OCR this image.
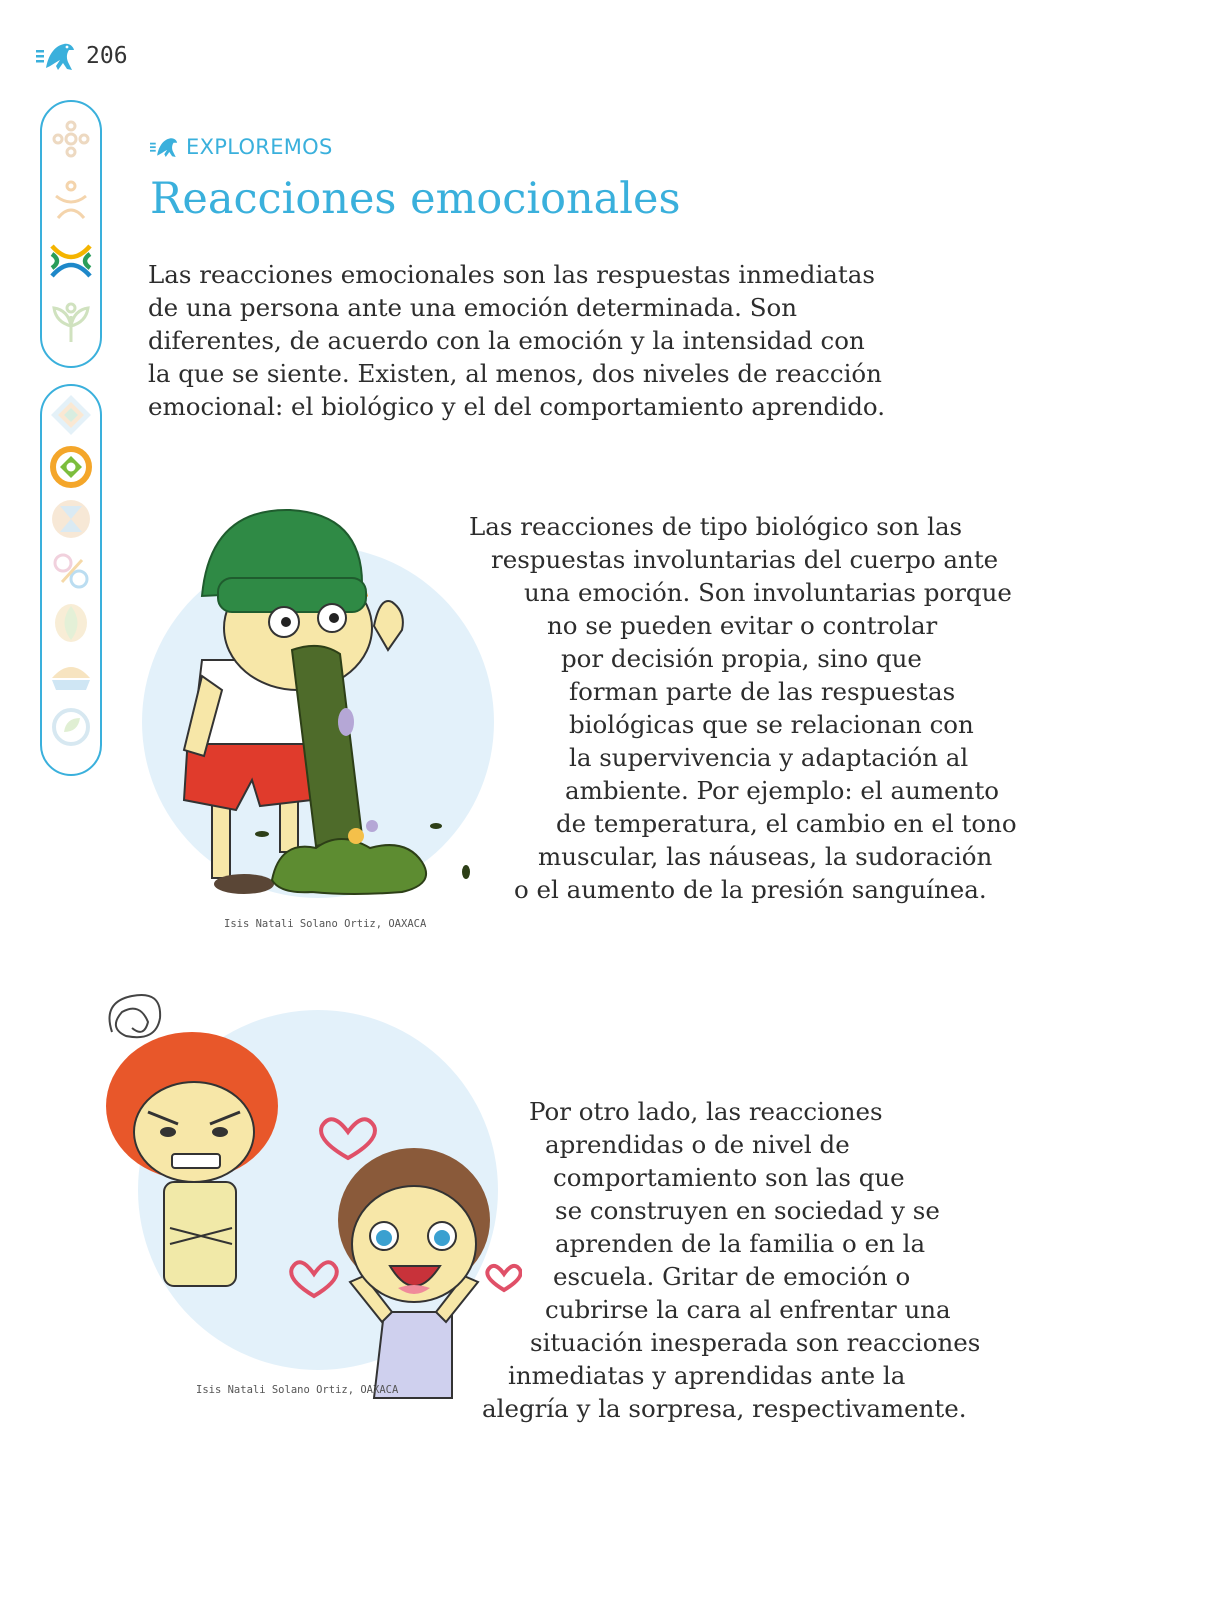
206
EXPLOREMOS
Reacciones emocionales
Las reacciones emocionales son las respuestas inmediatas
de una persona ante una emoción determinada. Son
diferentes, de acuerdo con la emoción y la intensidad con
la que se siente. Existen, al menos, dos niveles de reacción
emocional: el biológico y el del comportamiento aprendido.
Isis Natali Solano Ortiz, OAXACA
Las reacciones de tipo biológico son las
respuestas involuntarias del cuerpo ante
una emoción. Son involuntarias porque
no se pueden evitar o controlar
por decisión propia, sino que
forman parte de las respuestas
biológicas que se relacionan con
la supervivencia y adaptación al
ambiente. Por ejemplo: el aumento
de temperatura, el cambio en el tono
muscular, las náuseas, la sudoración
o el aumento de la presión sanguínea.
Isis Natali Solano Ortiz, OAXACA
Por otro lado, las reacciones
aprendidas o de nivel de
comportamiento son las que
se construyen en sociedad y se
aprenden de la familia o en la
escuela. Gritar de emoción o
cubrirse la cara al enfrentar una
situación inesperada son reacciones
inmediatas y aprendidas ante la
alegría y la sorpresa, respectivamente.
